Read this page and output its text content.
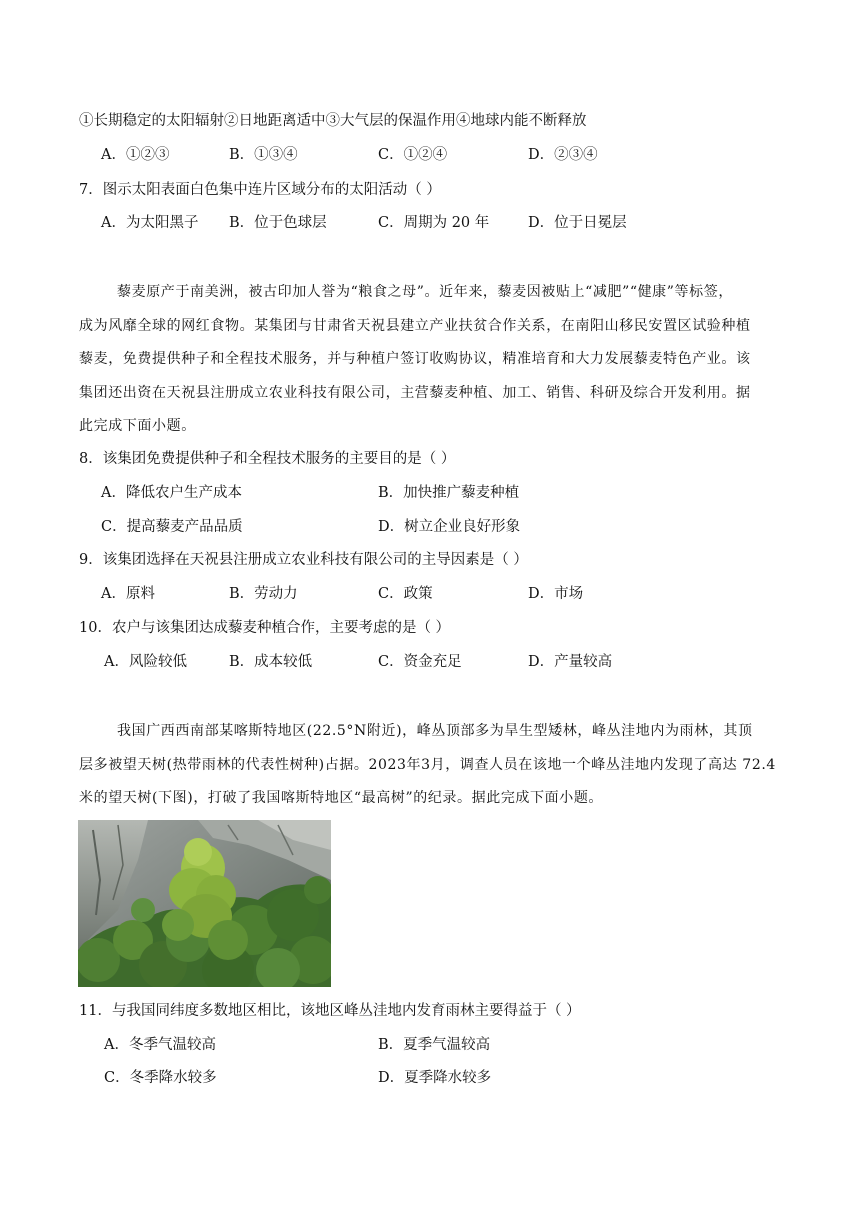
①长期稳定的太阳辐射②日地距离适中③大气层的保温作用④地球内能不断释放
A．①②③	B．①③④	C．①②④	D．②③④
7．图示太阳表面白色集中连片区域分布的太阳活动（ ）
A．为太阳黑子 B．位于色球层	C．周期为 20 年	D．位于日冕层
藜麦原产于南美洲，被古印加人誉为“粮食之母”。近年来，藜麦因被贴上“减肥”“健康”等标签，
成为风靡全球的网红食物。某集团与甘肃省天祝县建立产业扶贫合作关系，在南阳山移民安置区试验种植
藜麦，免费提供种子和全程技术服务，并与种植户签订收购协议，精准培育和大力发展藜麦特色产业。该
集团还出资在天祝县注册成立农业科技有限公司，主营藜麦种植、加工、销售、科研及综合开发利用。据
此完成下面小题。
8．该集团免费提供种子和全程技术服务的主要目的是（ ）
A．降低农户生产成本	B．加快推广藜麦种植
C．提高藜麦产品品质	D．树立企业良好形象
9．该集团选择在天祝县注册成立农业科技有限公司的主导因素是（ ）
A．原料	B．劳动力	C．政策	D．市场
10．农户与该集团达成藜麦种植合作，主要考虑的是（ ）
A．风险较低	B．成本较低	C．资金充足	D．产量较高
我国广西西南部某喀斯特地区(22.5°N附近)，峰丛顶部多为旱生型矮林，峰丛洼地内为雨林，其顶
层多被望天树(热带雨林的代表性树种)占据。2023年3月，调查人员在该地一个峰丛洼地内发现了高达 72.4
米的望天树(下图)，打破了我国喀斯特地区“最高树”的纪录。据此完成下面小题。
11．与我国同纬度多数地区相比，该地区峰丛洼地内发育雨林主要得益于（ ）
A．冬季气温较高	B．夏季气温较高
C．冬季降水较多	D．夏季降水较多
